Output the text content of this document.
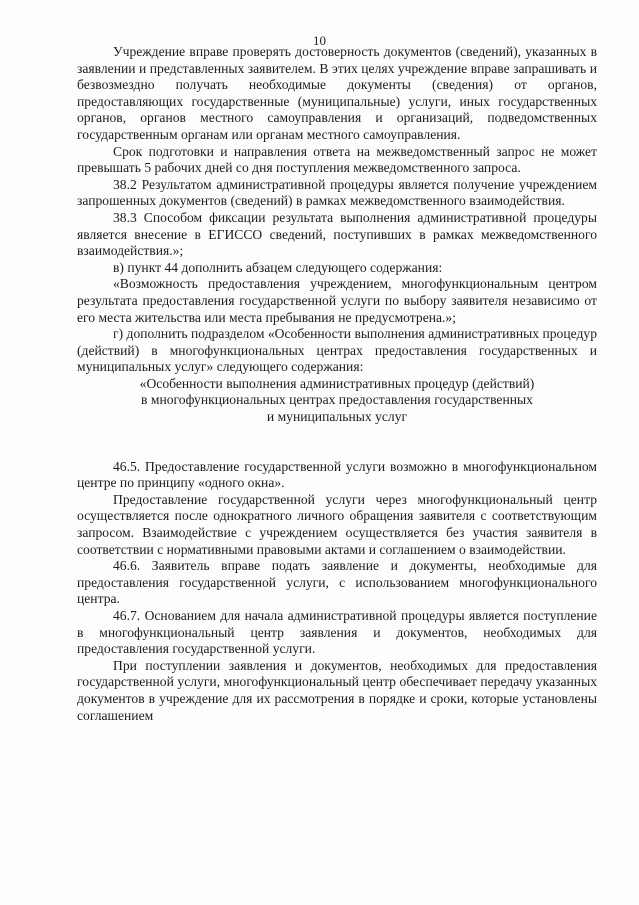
10

Учреждение вправе проверять достоверность документов (сведений), указанных в заявлении и представленных заявителем. В этих целях учреждение вправе запрашивать и безвозмездно получать необходимые документы (сведения) от органов, предоставляющих государственные (муниципальные) услуги, иных государственных органов, органов местного самоуправления и организаций, подведомственных государственным органам или органам местного самоуправления.

Срок подготовки и направления ответа на межведомственный запрос не может превышать 5 рабочих дней со дня поступления межведомственного запроса.

38.2 Результатом административной процедуры является получение учреждением запрошенных документов (сведений) в рамках межведомственного взаимодействия.

38.3 Способом фиксации результата выполнения административной процедуры является внесение в ЕГИССО сведений, поступивших в рамках межведомственного взаимодействия.»;

в) пункт 44 дополнить абзацем следующего содержания:

«Возможность предоставления учреждением, многофункциональным центром результата предоставления государственной услуги по выбору заявителя независимо от его места жительства или места пребывания не предусмотрена.»;

г) дополнить подразделом «Особенности выполнения административных процедур (действий) в многофункциональных центрах предоставления государственных и муниципальных услуг» следующего содержания:

«Особенности выполнения административных процедур (действий)
в многофункциональных центрах предоставления государственных
и муниципальных услуг

46.5. Предоставление государственной услуги возможно в многофункциональном центре по принципу «одного окна».

Предоставление государственной услуги через многофункциональный центр осуществляется после однократного личного обращения заявителя с соответствующим запросом. Взаимодействие с учреждением осуществляется без участия заявителя в соответствии с нормативными правовыми актами и соглашением о взаимодействии.

46.6. Заявитель вправе подать заявление и документы, необходимые для предоставления государственной услуги, с использованием многофункционального центра.

46.7. Основанием для начала административной процедуры является поступление в многофункциональный центр заявления и документов, необходимых для предоставления государственной услуги.

При поступлении заявления и документов, необходимых для предоставления государственной услуги, многофункциональный центр обеспечивает передачу указанных документов в учреждение для их рассмотрения в порядке и сроки, которые установлены соглашением
